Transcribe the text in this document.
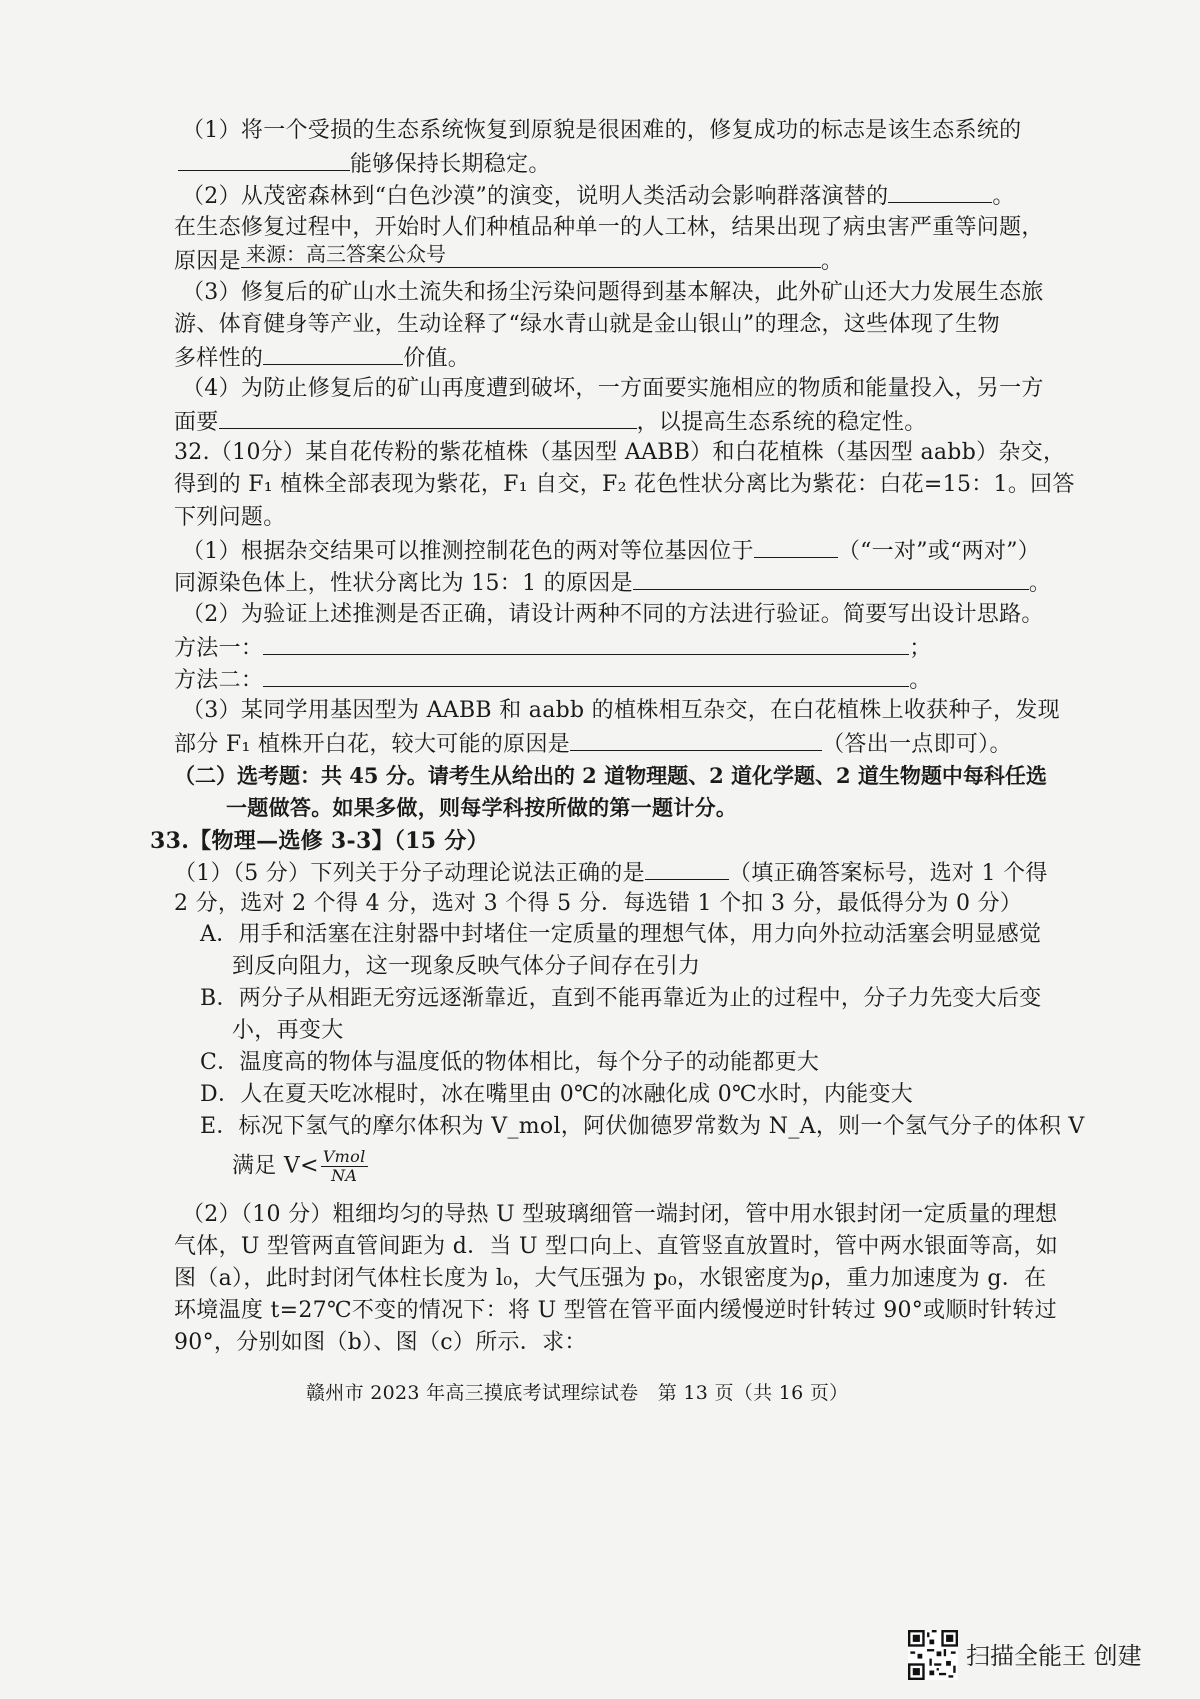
（1）将一个受损的生态系统恢复到原貌是很困难的，修复成功的标志是该生态系统的
能够保持长期稳定。
（2）从茂密森林到“白色沙漠”的演变，说明人类活动会影响群落演替的	。
在生态修复过程中，开始时人们种植品种单一的人工林，结果出现了病虫害严重等问题，
原因是	。
来源：高三答案公众号
（3）修复后的矿山水土流失和扬尘污染问题得到基本解决，此外矿山还大力发展生态旅
游、体育健身等产业，生动诠释了“绿水青山就是金山银山”的理念，这些体现了生物
多样性的	价值。
（4）为防止修复后的矿山再度遭到破坏，一方面要实施相应的物质和能量投入，另一方
面要	，以提高生态系统的稳定性。
32.（10分）某自花传粉的紫花植株（基因型 AABB）和白花植株（基因型 aabb）杂交，
得到的 F₁ 植株全部表现为紫花，F₁ 自交，F₂ 花色性状分离比为紫花：白花=15：1。回答
下列问题。
（1）根据杂交结果可以推测控制花色的两对等位基因位于	（“一对”或“两对”）
同源染色体上，性状分离比为 15：1 的原因是	。
（2）为验证上述推测是否正确，请设计两种不同的方法进行验证。简要写出设计思路。
方法一：	；
方法二：	。
（3）某同学用基因型为 AABB 和 aabb 的植株相互杂交，在白花植株上收获种子，发现
部分 F₁ 植株开白花，较大可能的原因是	（答出一点即可）。
（二）选考题：共 45 分。请考生从给出的 2 道物理题、2 道化学题、2 道生物题中每科任选
一题做答。如果多做，则每学科按所做的第一题计分。
33.【物理—选修 3-3】（15 分）
（1）（5 分）下列关于分子动理论说法正确的是	（填正确答案标号，选对 1 个得
2 分，选对 2 个得 4 分，选对 3 个得 5 分．每选错 1 个扣 3 分，最低得分为 0 分）
A．用手和活塞在注射器中封堵住一定质量的理想气体，用力向外拉动活塞会明显感觉
到反向阻力，这一现象反映气体分子间存在引力
B．两分子从相距无穷远逐渐靠近，直到不能再靠近为止的过程中，分子力先变大后变
小，再变大
C．温度高的物体与温度低的物体相比，每个分子的动能都更大
D．人在夏天吃冰棍时，冰在嘴里由 0℃的冰融化成 0℃水时，内能变大
E．标况下氢气的摩尔体积为 V_mol，阿伏伽德罗常数为 N_A，则一个氢气分子的体积 V
满足 $V< \frac{\text{Vmol}}{NA}$
（2）（10 分）粗细均匀的导热 U 型玻璃细管一端封闭，管中用水银封闭一定质量的理想
气体，U 型管两直管间距为 d．当 U 型口向上、直管竖直放置时，管中两水银面等高，如
图（a），此时封闭气体柱长度为 l₀，大气压强为 p₀，水银密度为ρ，重力加速度为 g．在
环境温度 t=27℃不变的情况下：将 U 型管在管平面内缓慢逆时针转过 90°或顺时针转过
90°，分别如图（b）、图（c）所示．求：
赣州市 2023 年高三摸底考试理综试卷　第 13 页（共 16 页）
扫描全能王 创建
